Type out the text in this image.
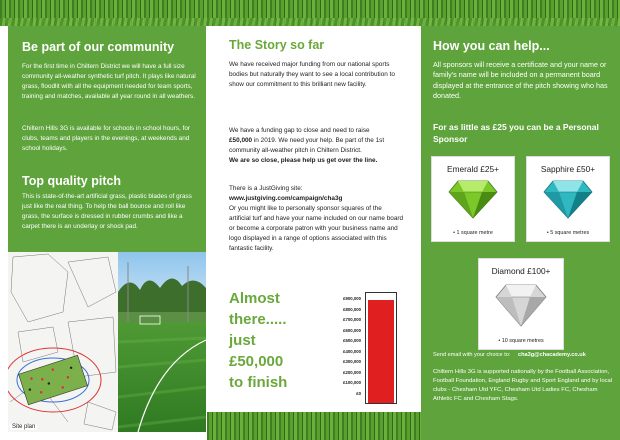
Be part of our community

For the first time in Chiltern District we will have a full size community all-weather synthetic turf pitch. It plays like natural grass, floodlit with all the equipment needed for team sports, training and matches, available all year round in all weathers.

Chiltern Hills 3G is available for schools in school hours, for clubs, teams and players in the evenings, at weekends and school holidays.

Top quality pitch

This is state-of-the-art artificial grass, plastic blades of grass just like the real thing. To help the ball bounce and roll like grass, the surface is dressed in rubber crumbs and like a carpet there is an underlay or shock pad.

Site plan
The Story so far

We have received major funding from our national sports bodies but naturally they want to see a local contribution to show our commitment to this brilliant new facility.

We have a funding gap to close and need to raise
£50,000 in 2019. We need your help. Be part of the 1st community all-weather pitch in Chiltern District.
We are so close, please help us get over the line.

There is a JustGiving site:
www.justgiving.com/campaign/cha3g
Or you might like to personally sponsor squares of the artificial turf and have your name included on our name board or become a corporate patron with your business name and logo displayed in a range of options associated with this fantastic facility.

Almost
there.....
just
£50,000
to finish
£900,000
£800,000
£700,000
£600,000
£500,000
£400,000
£300,000
£200,000
£100,000
£0
How you can help...

All sponsors will receive a certificate and your name or family's name will be included on a permanent board displayed at the entrance of the pitch showing who has donated.

For as little as £25 you can be a Personal Sponsor

Emerald £25+
• 1 square metre
Sapphire £50+
• 5 square metres
Diamond £100+
• 10 square metres
Send email with your choice to: cha3g@chacademy.co.uk

Chiltern Hills 3G is supported nationally by the Football Association, Football Foundation, England Rugby and Sport England and by local clubs - Chesham Utd YFC, Chesham Utd Ladies FC, Chesham Athletic FC and Chesham Stags.
